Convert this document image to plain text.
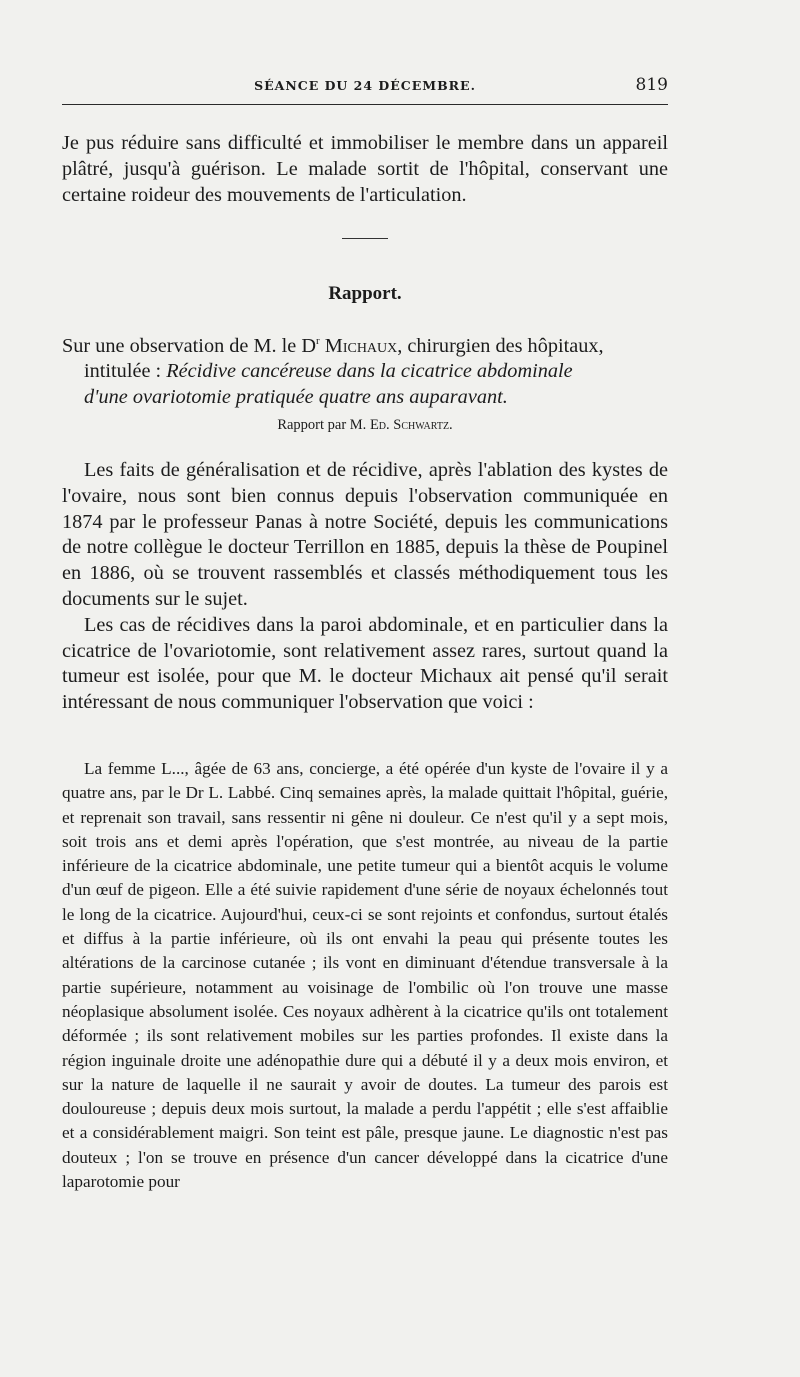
SÉANCE DU 24 DÉCEMBRE.	819

Je pus réduire sans difficulté et immobiliser le membre dans un appareil plâtré, jusqu'à guérison. Le malade sortit de l'hôpital, conservant une certaine roideur des mouvements de l'articulation.

Rapport.
Sur une observation de M. le $D^r$ Michaux, chirurgien des hôpitaux,
intitulée : Récidive cancéreuse dans la cicatrice abdominale
d'une ovariotomie pratiquée quatre ans auparavant.
Rapport par M. Ed. Schwartz.

Les faits de généralisation et de récidive, après l'ablation des kystes de l'ovaire, nous sont bien connus depuis l'observation communiquée en 1874 par le professeur Panas à notre Société, depuis les communications de notre collègue le docteur Terrillon en 1885, depuis la thèse de Poupinel en 1886, où se trouvent rassemblés et classés méthodiquement tous les documents sur le sujet.

Les cas de récidives dans la paroi abdominale, et en particulier dans la cicatrice de l'ovariotomie, sont relativement assez rares, surtout quand la tumeur est isolée, pour que M. le docteur Michaux ait pensé qu'il serait intéressant de nous communiquer l'observation que voici :

La femme L..., âgée de 63 ans, concierge, a été opérée d'un kyste de l'ovaire il y a quatre ans, par le Dr L. Labbé. Cinq semaines après, la malade quittait l'hôpital, guérie, et reprenait son travail, sans ressentir ni gêne ni douleur. Ce n'est qu'il y a sept mois, soit trois ans et demi après l'opération, que s'est montrée, au niveau de la partie inférieure de la cicatrice abdominale, une petite tumeur qui a bientôt acquis le volume d'un œuf de pigeon. Elle a été suivie rapidement d'une série de noyaux échelonnés tout le long de la cicatrice. Aujourd'hui, ceux-ci se sont rejoints et confondus, surtout étalés et diffus à la partie inférieure, où ils ont envahi la peau qui présente toutes les altérations de la carcinose cutanée ; ils vont en diminuant d'étendue transversale à la partie supérieure, notamment au voisinage de l'ombilic où l'on trouve une masse néoplasique absolument isolée. Ces noyaux adhèrent à la cicatrice qu'ils ont totalement déformée ; ils sont relativement mobiles sur les parties profondes. Il existe dans la région inguinale droite une adénopathie dure qui a débuté il y a deux mois environ, et sur la nature de laquelle il ne saurait y avoir de doutes. La tumeur des parois est douloureuse ; depuis deux mois surtout, la malade a perdu l'appétit ; elle s'est affaiblie et a considérablement maigri. Son teint est pâle, presque jaune. Le diagnostic n'est pas douteux ; l'on se trouve en présence d'un cancer développé dans la cicatrice d'une laparotomie pour
